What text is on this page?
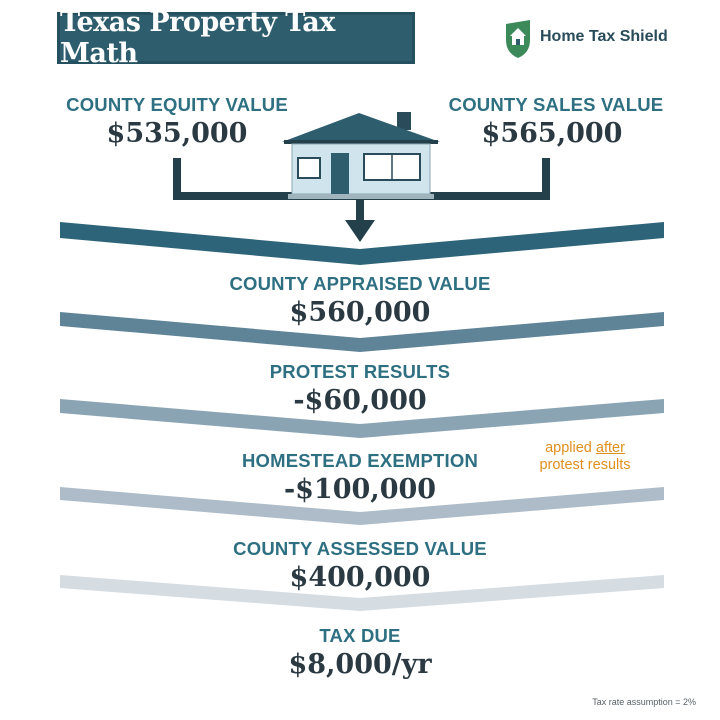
Texas Property Tax Math
Home Tax Shield
COUNTY EQUITY VALUE
$535,000
COUNTY SALES VALUE
$565,000
COUNTY APPRAISED VALUE
$560,000
PROTEST RESULTS
-$60,000
HOMESTEAD EXEMPTION
-$100,000
COUNTY ASSESSED VALUE
$400,000
TAX DUE
$8,000/yr
applied after
protest results
Tax rate assumption = 2%
